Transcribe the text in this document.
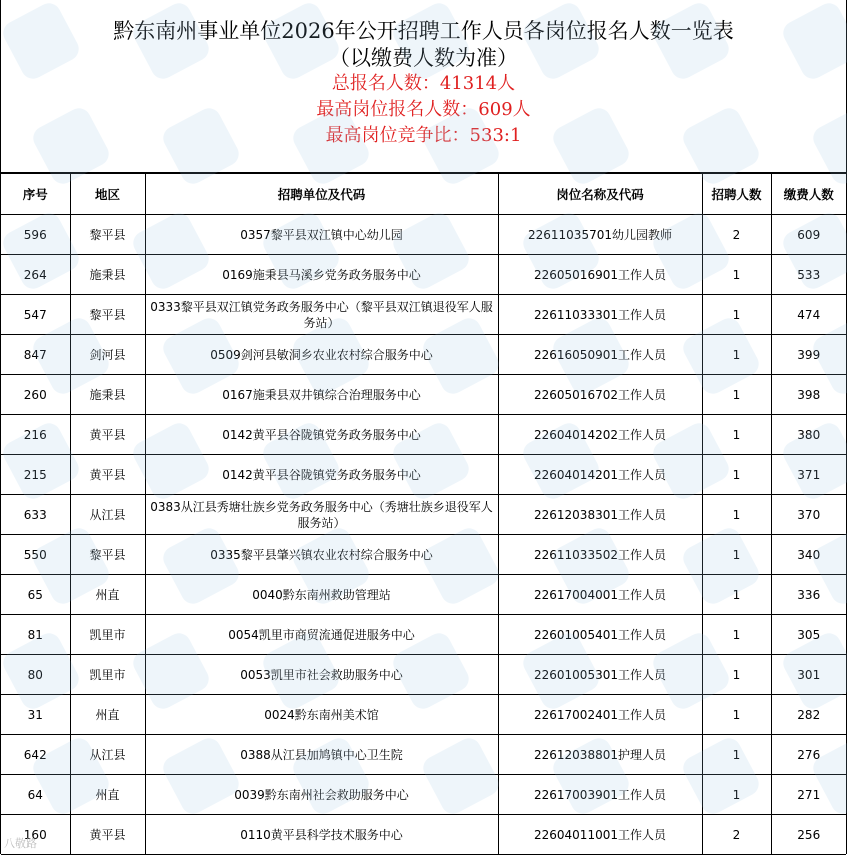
黔东南州事业单位2026年公开招聘工作人员各岗位报名人数一览表
（以缴费人数为准）
总报名人数：41314人
最高岗位报名人数：609人
最高岗位竞争比：533:1
序号	地区	招聘单位及代码	岗位名称及代码	招聘人数	缴费人数
596	黎平县	0357黎平县双江镇中心幼儿园	22611035701幼儿园教师	2	609
264	施秉县	0169施秉县马溪乡党务政务服务中心	22605016901工作人员	1	533
547	黎平县	0333黎平县双江镇党务政务服务中心（黎平县双江镇退役军人服务站）	22611033301工作人员	1	474
847	剑河县	0509剑河县敏洞乡农业农村综合服务中心	22616050901工作人员	1	399
260	施秉县	0167施秉县双井镇综合治理服务中心	22605016702工作人员	1	398
216	黄平县	0142黄平县谷陇镇党务政务服务中心	22604014202工作人员	1	380
215	黄平县	0142黄平县谷陇镇党务政务服务中心	22604014201工作人员	1	371
633	从江县	0383从江县秀塘壮族乡党务政务服务中心（秀塘壮族乡退役军人服务站）	22612038301工作人员	1	370
550	黎平县	0335黎平县肇兴镇农业农村综合服务中心	22611033502工作人员	1	340
65	州直	0040黔东南州救助管理站	22617004001工作人员	1	336
81	凯里市	0054凯里市商贸流通促进服务中心	22601005401工作人员	1	305
80	凯里市	0053凯里市社会救助服务中心	22601005301工作人员	1	301
31	州直	0024黔东南州美术馆	22617002401工作人员	1	282
642	从江县	0388从江县加鸠镇中心卫生院	22612038801护理人员	1	276
64	州直	0039黔东南州社会救助服务中心	22617003901工作人员	1	271
160	黄平县	0110黄平县科学技术服务中心	22604011001工作人员	2	256
八敬路
